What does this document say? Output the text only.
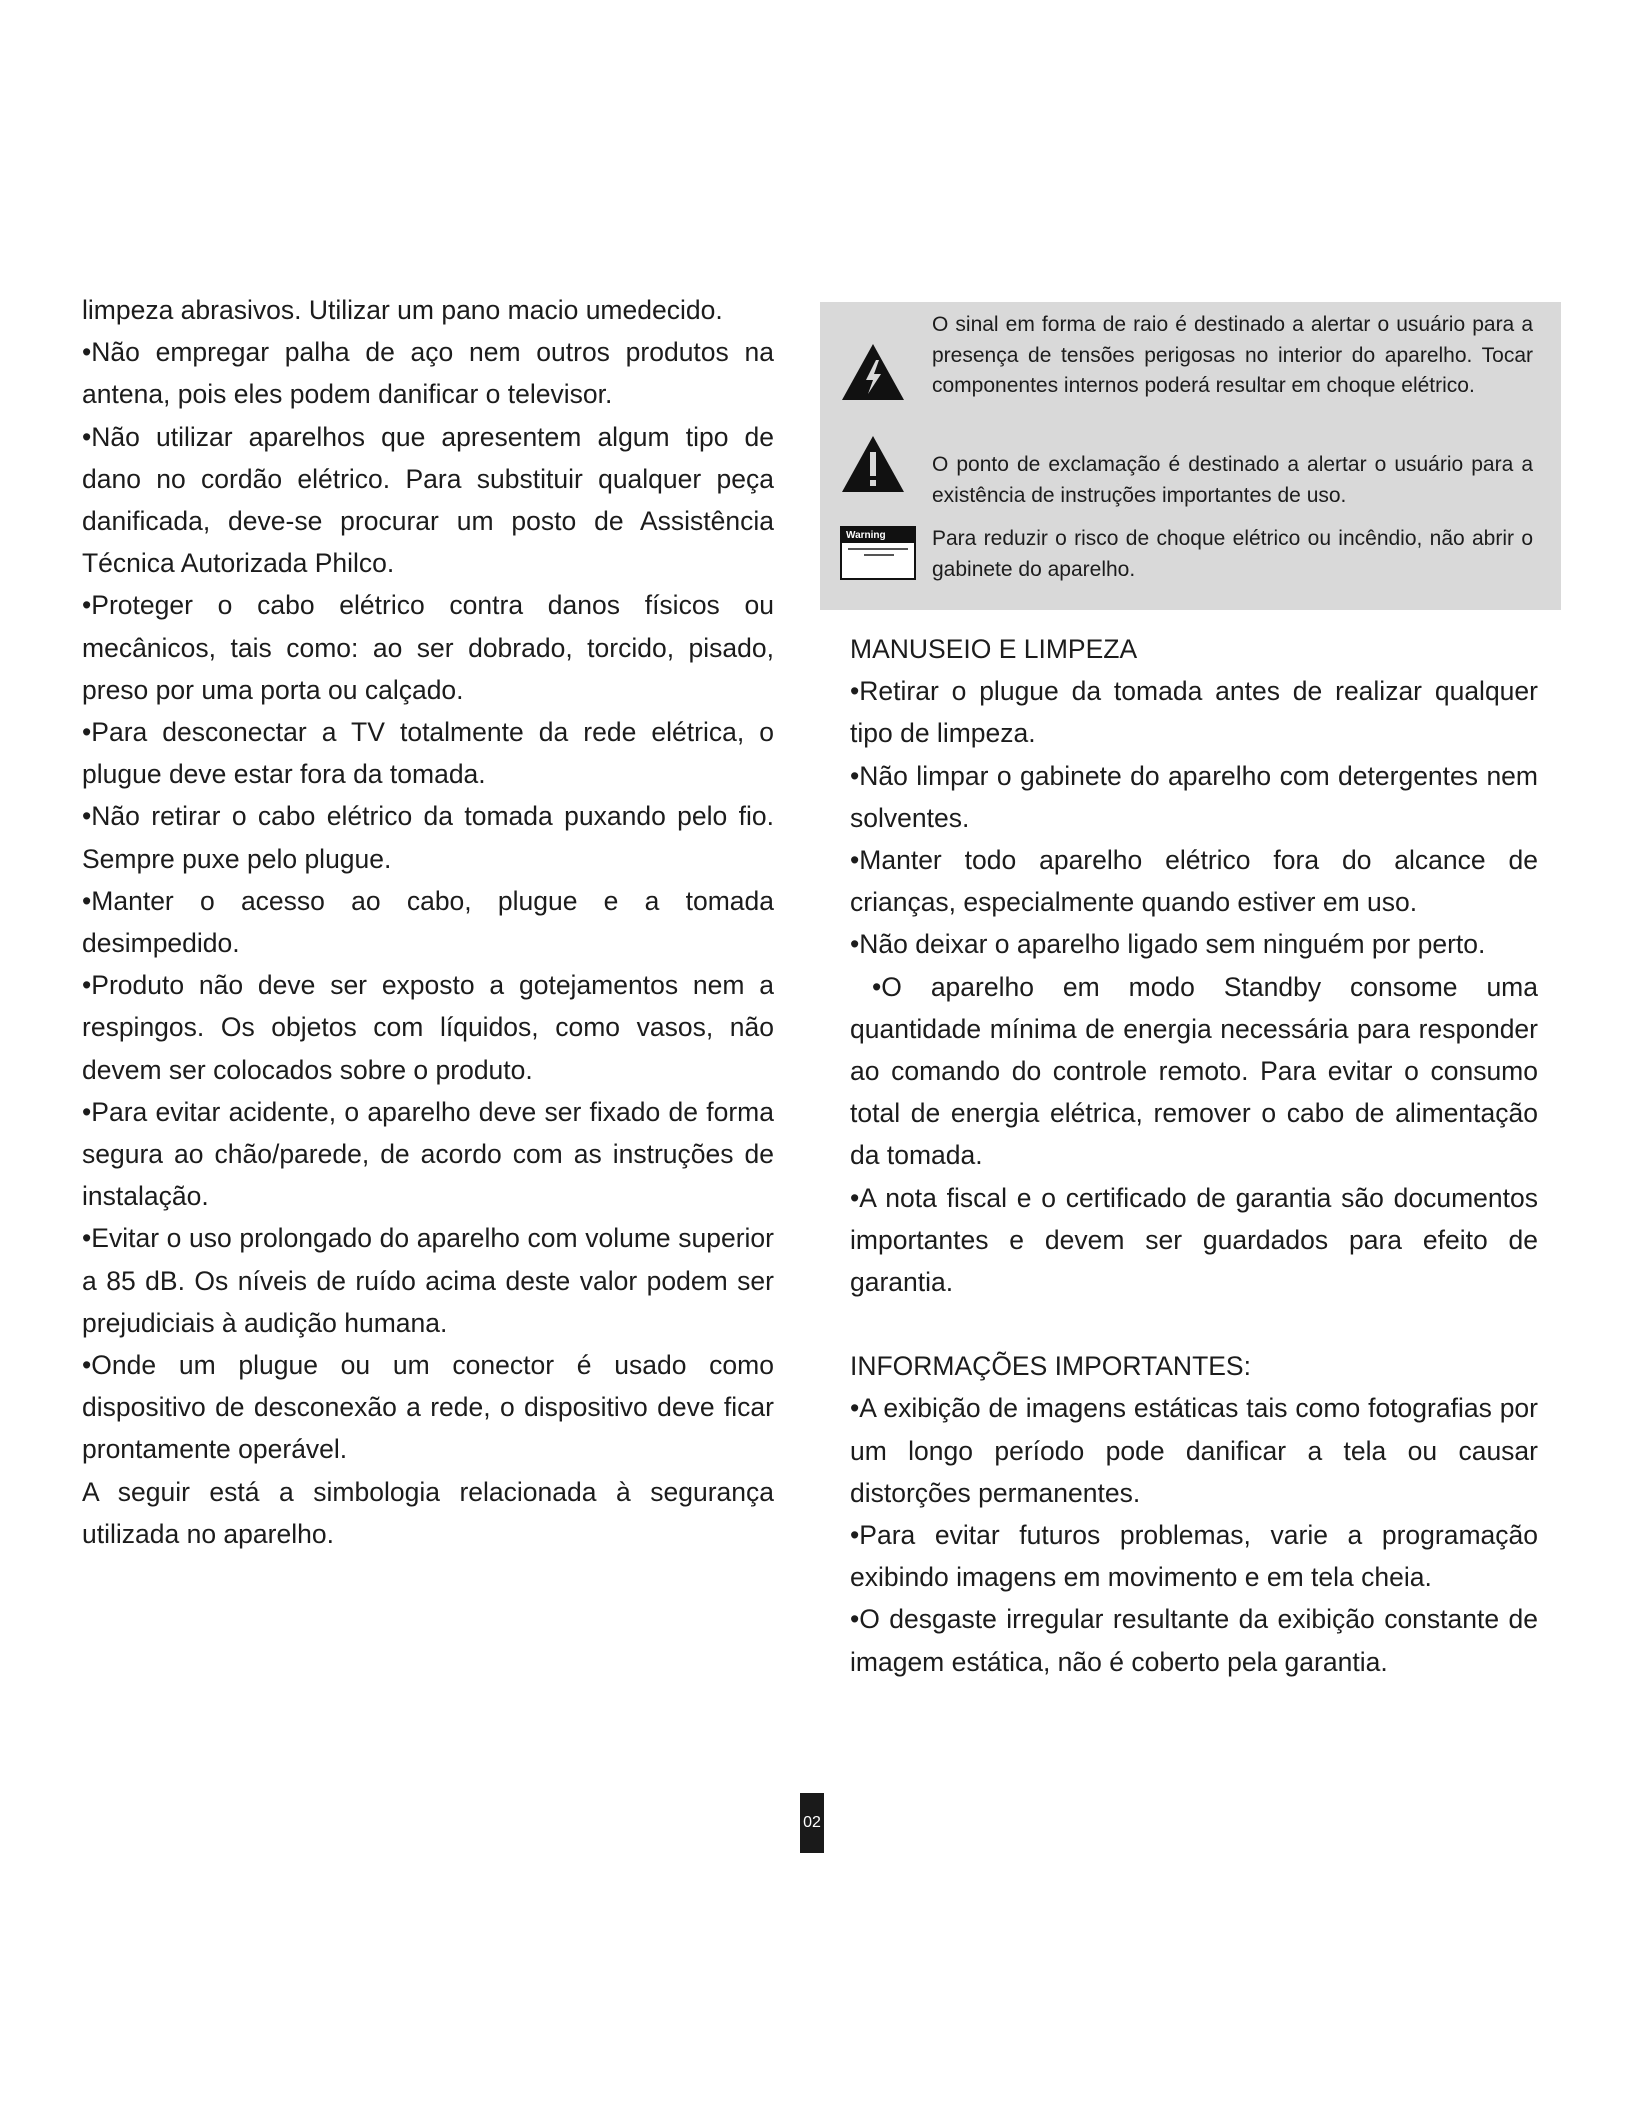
limpeza abrasivos. Utilizar um pano macio umedecido.

•Não empregar palha de aço nem outros produtos na antena, pois eles podem danificar o televisor.

•Não utilizar aparelhos que apresentem algum tipo de dano no cordão elétrico. Para substituir qualquer peça danificada, deve-se procurar um posto de Assistência Técnica Autorizada Philco.

•Proteger o cabo elétrico contra danos físicos ou mecânicos, tais como: ao ser dobrado, torcido, pisado, preso por uma porta ou calçado.

•Para desconectar a TV totalmente da rede elétrica, o plugue deve estar fora da tomada.

•Não retirar o cabo elétrico da tomada puxando pelo fio. Sempre puxe pelo plugue.

•Manter o acesso ao cabo, plugue e a tomada desimpedido.

•Produto não deve ser exposto a gotejamentos nem a respingos. Os objetos com líquidos, como vasos, não devem ser colocados sobre o produto.

•Para evitar acidente, o aparelho deve ser fixado de forma segura ao chão/parede, de acordo com as instruções de instalação.

•Evitar o uso prolongado do aparelho com volume superior a 85 dB. Os níveis de ruído acima deste valor podem ser prejudiciais à audição humana.

•Onde um plugue ou um conector é usado como dispositivo de desconexão a rede, o dispositivo deve ficar prontamente operável.

A seguir está a simbologia relacionada à segurança utilizada no aparelho.

O sinal em forma de raio é destinado a alertar o usuário para a presença de tensões perigosas no interior do aparelho. Tocar componentes internos poderá resultar em choque elétrico.

O ponto de exclamação é destinado a alertar o usuário para a existência de instruções importantes de uso.

Warning	Para reduzir o risco de choque elétrico ou incêndio, não abrir o gabinete do aparelho.

MANUSEIO E LIMPEZA

•Retirar o plugue da tomada antes de realizar qualquer tipo de limpeza.

•Não limpar o gabinete do aparelho com detergentes nem solventes.

•Manter todo aparelho elétrico fora do alcance de crianças, especialmente quando estiver em uso.

•Não deixar o aparelho ligado sem ninguém por perto.

•O aparelho em modo Standby consome uma quantidade mínima de energia necessária para responder ao comando do controle remoto. Para evitar o consumo total de energia elétrica, remover o cabo de alimentação da tomada.

•A nota fiscal e o certificado de garantia são documentos importantes e devem ser guardados para efeito de garantia.

INFORMAÇÕES IMPORTANTES:

•A exibição de imagens estáticas tais como fotografias por um longo período pode danificar a tela ou causar distorções permanentes.

•Para evitar futuros problemas, varie a programação exibindo imagens em movimento e em tela cheia.

•O desgaste irregular resultante da exibição constante de imagem estática, não é coberto pela garantia.

02
